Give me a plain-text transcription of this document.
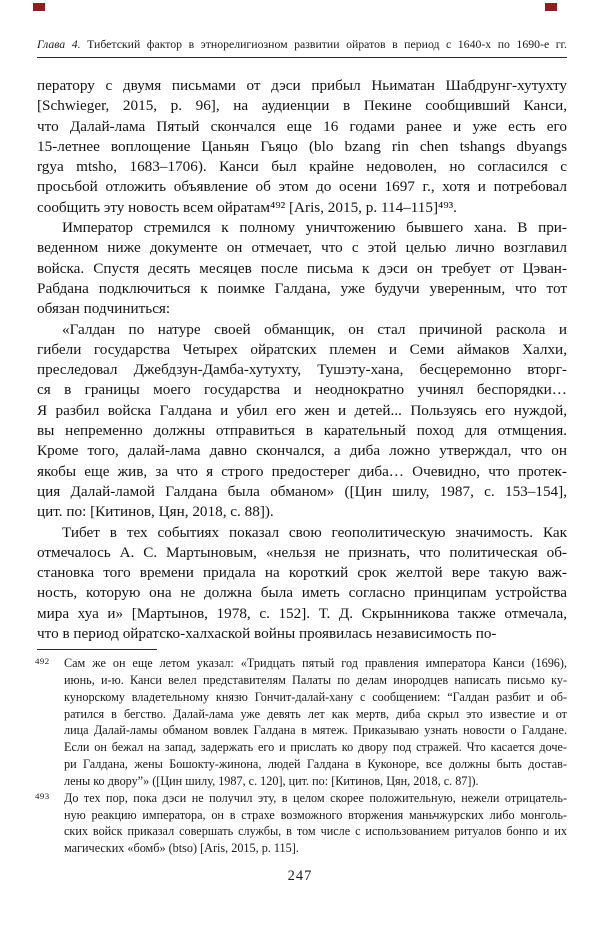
Глава 4. Тибетский фактор в этнорелигиозном развитии ойратов в период с 1640-х по 1690-е гг.
ператору с двумя письмами от дэси прибыл Ньиматан Шабдрунг-хутухту
[Schwieger, 2015, p. 96], на аудиенции в Пекине сообщивший Канси,
что Далай-лама Пятый скончался еще 16 годами ранее и уже есть его
15-летнее воплощение Цаньян Гьяцо (blo bzang rin chen tshangs dbyangs
rgya mtsho, 1683–1706). Канси был крайне недоволен, но согласился с
просьбой отложить объявление об этом до осени 1697 г., хотя и потребовал
сообщить эту новость всем ойратам⁴⁹² [Aris, 2015, p. 114–115]⁴⁹³.
Император стремился к полному уничтожению бывшего хана. В при-
веденном ниже документе он отмечает, что с этой целью лично возглавил
войска. Спустя десять месяцев после письма к дэси он требует от Цэван-
Рабдана подключиться к поимке Галдана, уже будучи уверенным, что тот
обязан подчиниться:
«Галдан по натуре своей обманщик, он стал причиной раскола и
гибели государства Четырех ойратских племен и Семи аймаков Халхи,
преследовал Джебдзун-Дамба-хутухту, Тушэту-хана, бесцеремонно вторг-
ся в границы моего государства и неоднократно учинял беспорядки…
Я разбил войска Галдана и убил его жен и детей... Пользуясь его нуждой,
вы непременно должны отправиться в карательный поход для отмщения.
Кроме того, далай-лама давно скончался, а диба ложно утверждал, что он
якобы еще жив, за что я строго предостерег диба… Очевидно, что протек-
ция Далай-ламой Галдана была обманом» ([Цин шилу, 1987, с. 153–154],
цит. по: [Китинов, Цян, 2018, с. 88]).
Тибет в тех событиях показал свою геополитическую значимость. Как
отмечалось А. С. Мартыновым, «нельзя не признать, что политическая об-
становка того времени придала на короткий срок желтой вере такую важ-
ность, которую она не должна была иметь согласно принципам устройства
мира хуа и» [Мартынов, 1978, с. 152]. Т. Д. Скрынникова также отмечала,
что в период ойратско-халхаской войны проявилась независимость по-
492 Сам же он еще летом указал: «Тридцать пятый год правления императора Канси (1696),
июнь, и-ю. Канси велел представителям Палаты по делам инородцев написать письмо ку-
кунорскому владетельному князю Гончит-далай-хану с сообщением: “Галдан разбит и об-
ратился в бегство. Далай-лама уже девять лет как мертв, диба скрыл это известие и от
лица Далай-ламы обманом вовлек Галдана в мятеж. Приказываю узнать новости о Галдане.
Если он бежал на запад, задержать его и прислать ко двору под стражей. Что касается доче-
ри Галдана, жены Бошокту-жинона, людей Галдана в Куконоре, все должны быть достав-
лены ко двору”» ([Цин шилу, 1987, с. 120], цит. по: [Китинов, Цян, 2018, с. 87]).
493 До тех пор, пока дэси не получил эту, в целом скорее положительную, нежели отрицатель-
ную реакцию императора, он в страхе возможного вторжения маньчжурских либо монголь-
ских войск приказал совершать службы, в том числе с использованием ритуалов бонпо и их
магических «бомб» (btso) [Aris, 2015, p. 115].
247
